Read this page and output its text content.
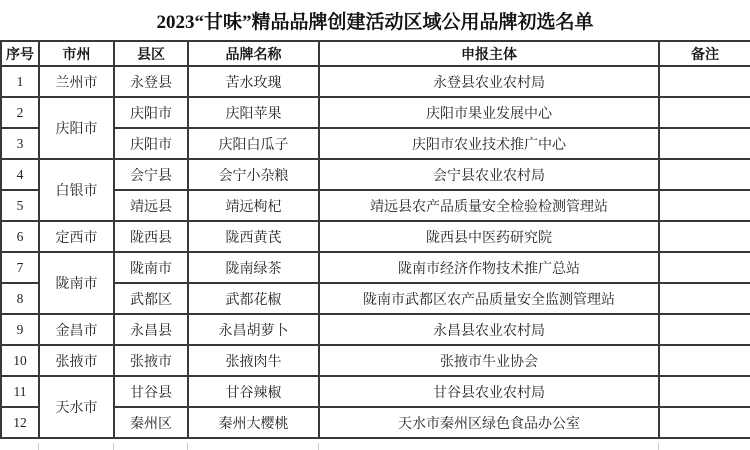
2023“甘味”精品品牌创建活动区域公用品牌初选名单
序号	市州	县区	品牌名称	申报主体	备注
1	兰州市	永登县	苦水玫瑰	永登县农业农村局	
2	庆阳市	庆阳市	庆阳苹果	庆阳市果业发展中心	
3		庆阳市	庆阳白瓜子	庆阳市农业技术推广中心	
4	白银市	会宁县	会宁小杂粮	会宁县农业农村局	
5		靖远县	靖远枸杞	靖远县农产品质量安全检验检测管理站	
6	定西市	陇西县	陇西黄芪	陇西县中医药研究院	
7	陇南市	陇南市	陇南绿茶	陇南市经济作物技术推广总站	
8		武都区	武都花椒	陇南市武都区农产品质量安全监测管理站	
9	金昌市	永昌县	永昌胡萝卜	永昌县农业农村局	
10	张掖市	张掖市	张掖肉牛	张掖市牛业协会	
11	天水市	甘谷县	甘谷辣椒	甘谷县农业农村局	
12		秦州区	秦州大樱桃	天水市秦州区绿色食品办公室	
